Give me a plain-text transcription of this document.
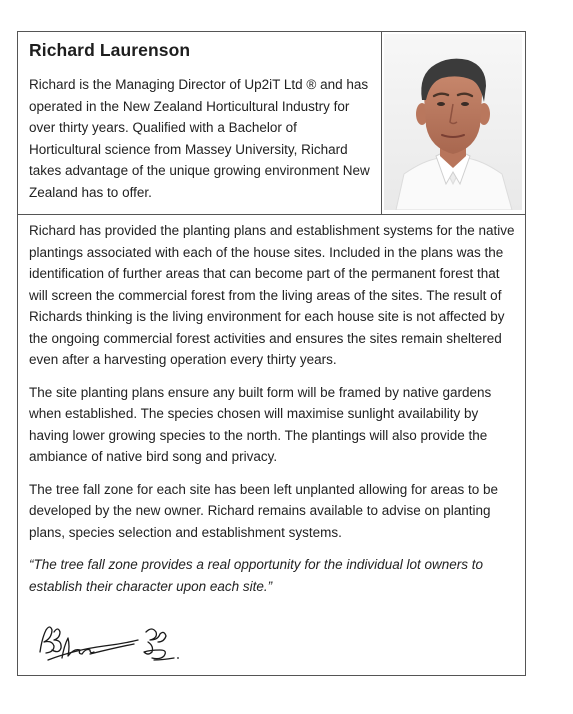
Richard Laurenson

Richard is the Managing Director of Up2iT Ltd ® and has operated in the New Zealand Horticultural Industry for over thirty years. Qualified with a Bachelor of Horticultural science from Massey University, Richard takes advantage of the unique growing environment New Zealand has to offer.

Richard has provided the planting plans and establishment systems for the native plantings associated with each of the house sites. Included in the plans was the identification of further areas that can become part of the permanent forest that will screen the commercial forest from the living areas of the sites. The result of Richards thinking is the living environment for each house site is not affected by the ongoing commercial forest activities and ensures the sites remain sheltered even after a harvesting operation every thirty years.

The site planting plans ensure any built form will be framed by native gardens when established. The species chosen will maximise sunlight availability by having lower growing species to the north. The plantings will also provide the ambiance of native bird song and privacy.

The tree fall zone for each site has been left unplanted allowing for areas to be developed by the new owner. Richard remains available to advise on planting plans, species selection and establishment systems.

“The tree fall zone provides a real opportunity for the individual lot owners to establish their character upon each site.”
